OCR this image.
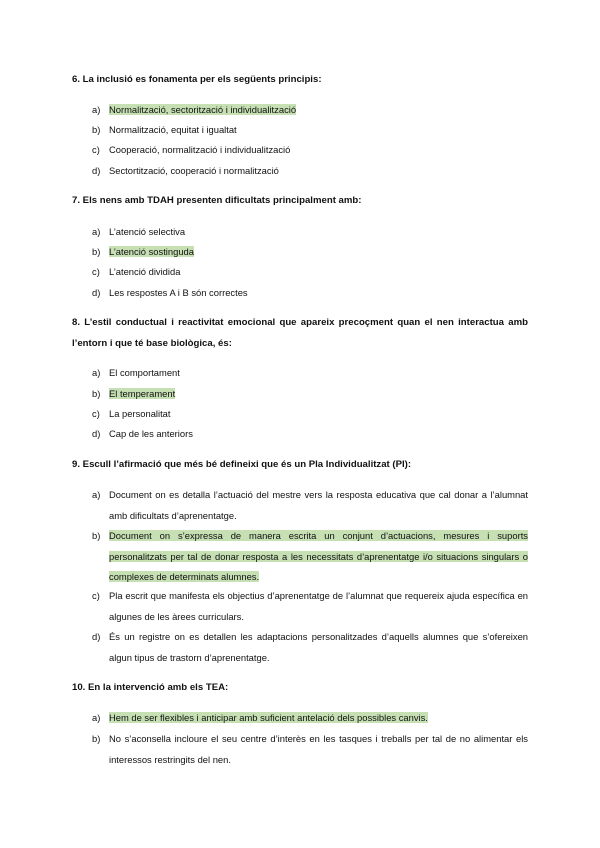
6. La inclusió es fonamenta per els següents principis:
a) Normalització, sectorització i individualització
b) Normalització, equitat i igualtat
c) Cooperació, normalització i individualització
d) Sectortització, cooperació i normalització
7. Els nens amb TDAH presenten dificultats principalment amb:
a) L’atenció selectiva
b) L’atenció sostinguda
c) L’atenció dividida
d) Les respostes A i B són correctes
8. L’estil conductual i reactivitat emocional que apareix precoçment quan el nen interactua amb l’entorn i que té base biològica, és:
a) El comportament
b) El temperament
c) La personalitat
d) Cap de les anteriors
9. Escull l’afirmació que més bé defineixi que és un Pla Individualitzat (PI):
a) Document on es detalla l’actuació del mestre vers la resposta educativa que cal donar a l’alumnat amb dificultats d’aprenentatge.
b) Document on s’expressa de manera escrita un conjunt d’actuacions, mesures i suports personalitzats per tal de donar resposta a les necessitats d’aprenentatge i/o situacions singulars o complexes de determinats alumnes.
c) Pla escrit que manifesta els objectius d’aprenentatge de l’alumnat que requereix ajuda específica en algunes de les àrees curriculars.
d) És un registre on es detallen les adaptacions personalitzades d’aquells alumnes que s’ofereixen algun tipus de trastorn d’aprenentatge.
10. En la intervenció amb els TEA:
a) Hem de ser flexibles i anticipar amb suficient antelació dels possibles canvis.
b) No s’aconsella incloure el seu centre d’interès en les tasques i treballs per tal de no alimentar els interessos restringits del nen.
